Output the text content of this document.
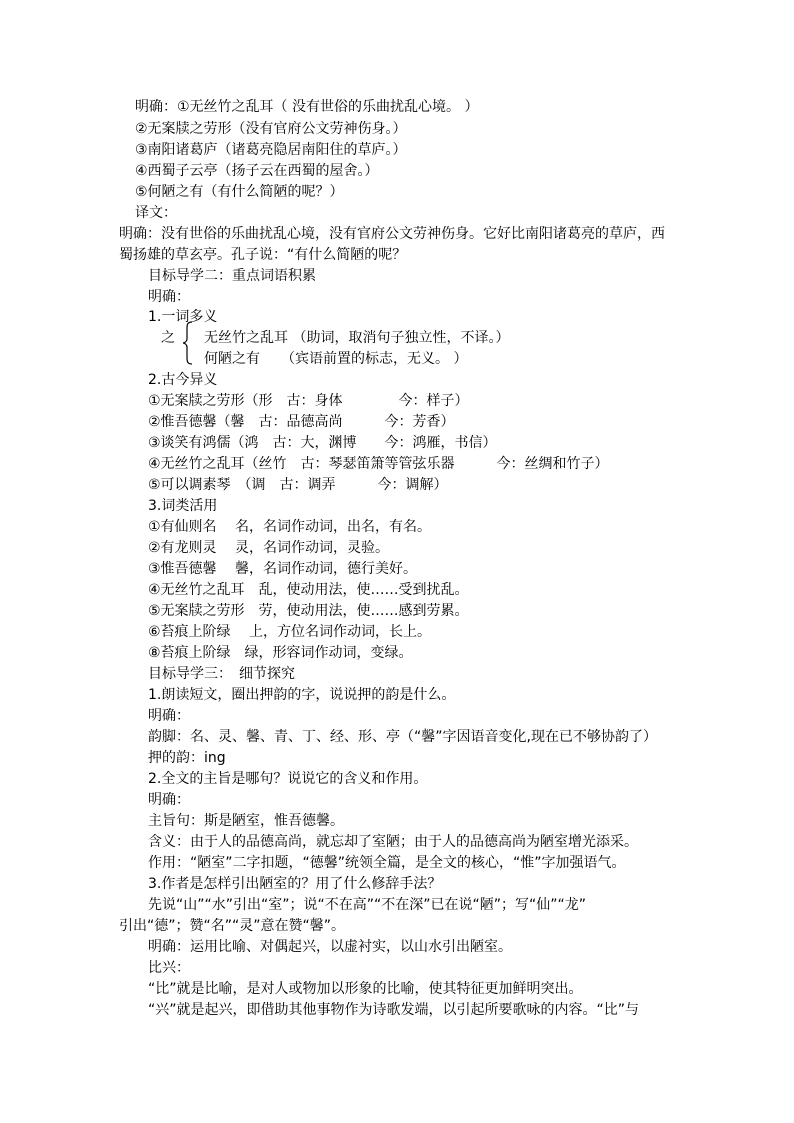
明确：①无丝竹之乱耳（ 没有世俗的乐曲扰乱心境。 ）
②无案牍之劳形（没有官府公文劳神伤身。）
③南阳诸葛庐（诸葛亮隐居南阳住的草庐。）
④西蜀子云亭（扬子云在西蜀的屋舍。）
⑤何陋之有（有什么简陋的呢？）
译文：
明确：没有世俗的乐曲扰乱心境，没有官府公文劳神伤身。它好比南阳诸葛亮的草庐，西
蜀扬雄的草玄亭。孔子说：“有什么简陋的呢？
目标导学二：重点词语积累
明确：
1.一词多义
之 无丝竹之乱耳 （助词，取消句子独立性，不译。）
何陋之有　　（宾语前置的标志，无义。 ）
2.古今异义
①无案牍之劳形（形　古：身体　　　　今：样子）
②惟吾德馨（馨　古：品德高尚　　　今：芳香）
③谈笑有鸿儒（鸿　古：大，渊博　　今：鸿雁，书信）
④无丝竹之乱耳（丝竹　古：琴瑟笛箫等管弦乐器　　　今：丝绸和竹子）
⑤可以调素琴　（调　古：调弄　　　今：调解）
3.词类活用
①有仙则名　 名，名词作动词，出名，有名。
②有龙则灵　 灵，名词作动词，灵验。
③惟吾德馨　 馨，名词作动词，德行美好。
④无丝竹之乱耳　乱，使动用法，使……受到扰乱。
⑤无案牍之劳形　劳，使动用法，使……感到劳累。
⑥苔痕上阶绿　 上，方位名词作动词，长上。
⑧苔痕上阶绿　绿，形容词作动词，变绿。
目标导学三：　细节探究
1.朗读短文，圈出押韵的字，说说押的韵是什么。
明确：
韵脚：名、灵、馨、青、丁、经、形、亭（“馨”字因语音变化,现在已不够协韵了）
押的韵：ing
2.全文的主旨是哪句？说说它的含义和作用。
明确：
主旨句：斯是陋室，惟吾德馨。
含义：由于人的品德高尚，就忘却了室陋；由于人的品德高尚为陋室增光添采。
作用：“陋室”二字扣题，“德馨”统领全篇，是全文的核心，“惟”字加强语气。
3.作者是怎样引出陋室的？用了什么修辞手法？
先说“山”“水”引出“室”；说“不在高”“不在深”已在说“陋”；写“仙”“龙”
引出“德”；赞“名”“灵”意在赞“馨”。
明确：运用比喻、对偶起兴，以虚衬实，以山水引出陋室。
比兴：
“比”就是比喻，是对人或物加以形象的比喻，使其特征更加鲜明突出。
“兴”就是起兴，即借助其他事物作为诗歌发端，以引起所要歌咏的内容。“比”与
